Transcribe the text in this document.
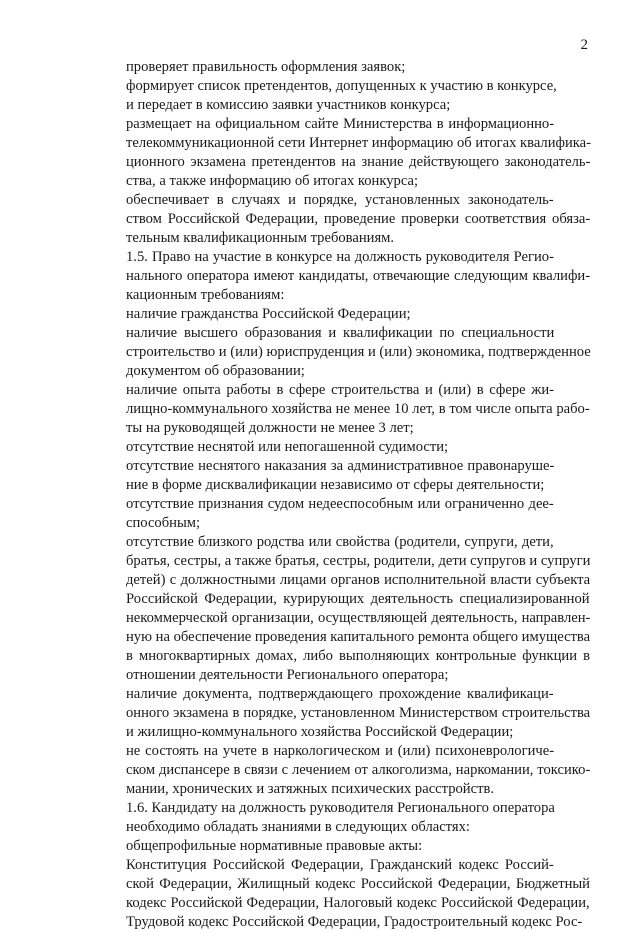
2

проверяет правильность оформления заявок;

формирует список претендентов, допущенных к участию в конкурсе,
и передает в комиссию заявки участников конкурса;

размещает на официальном сайте Министерства в информационно-
телекоммуникационной сети Интернет информацию об итогах квалифика-
ционного экзамена претендентов на знание действующего законодатель-
ства, а также информацию об итогах конкурса;

обеспечивает в случаях и порядке, установленных законодатель-
ством Российской Федерации, проведение проверки соответствия обяза-
тельным квалификационным требованиям.

1.5. Право на участие в конкурсе на должность руководителя Регио-
нального оператора имеют кандидаты, отвечающие следующим квалифи-
кационным требованиям:

наличие гражданства Российской Федерации;

наличие высшего образования и квалификации по специальности
строительство и (или) юриспруденция и (или) экономика, подтвержденное
документом об образовании;

наличие опыта работы в сфере строительства и (или) в сфере жи-
лищно-коммунального хозяйства не менее 10 лет, в том числе опыта рабо-
ты на руководящей должности не менее 3 лет;

отсутствие неснятой или непогашенной судимости;

отсутствие неснятого наказания за административное правонаруше-
ние в форме дисквалификации независимо от сферы деятельности;

отсутствие признания судом недееспособным или ограниченно дее-
способным;

отсутствие близкого родства или свойства (родители, супруги, дети,
братья, сестры, а также братья, сестры, родители, дети супругов и супруги
детей) с должностными лицами органов исполнительной власти субъекта
Российской Федерации, курирующих деятельность специализированной
некоммерческой организации, осуществляющей деятельность, направлен-
ную на обеспечение проведения капитального ремонта общего имущества
в многоквартирных домах, либо выполняющих контрольные функции в
отношении деятельности Регионального оператора;

наличие документа, подтверждающего прохождение квалификаци-
онного экзамена в порядке, установленном Министерством строительства
и жилищно-коммунального хозяйства Российской Федерации;

не состоять на учете в наркологическом и (или) психоневрологиче-
ском диспансере в связи с лечением от алкоголизма, наркомании, токсико-
мании, хронических и затяжных психических расстройств.

1.6. Кандидату на должность руководителя Регионального оператора
необходимо обладать знаниями в следующих областях:

общепрофильные нормативные правовые акты:

Конституция Российской Федерации, Гражданский кодекс Россий-
ской Федерации, Жилищный кодекс Российской Федерации, Бюджетный
кодекс Российской Федерации, Налоговый кодекс Российской Федерации,
Трудовой кодекс Российской Федерации, Градостроительный кодекс Рос-
